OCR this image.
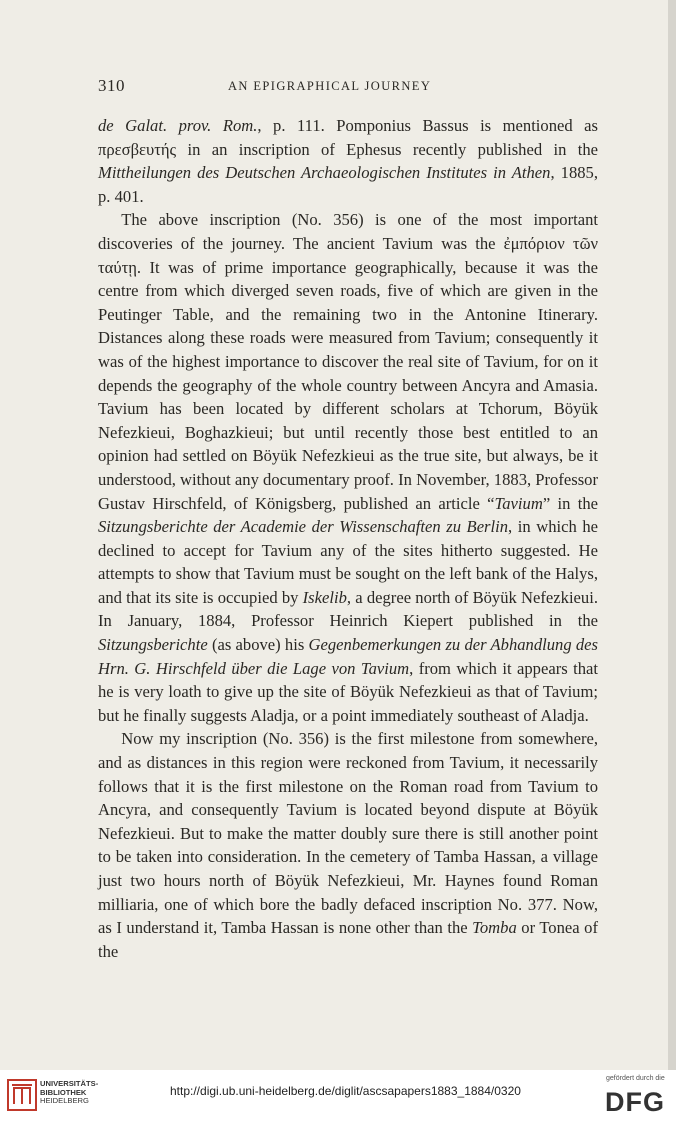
310	AN EPIGRAPHICAL JOURNEY

de Galat. prov. Rom., p. 111. Pomponius Bassus is mentioned as πρεσβευτής in an inscription of Ephesus recently published in the Mittheilungen des Deutschen Archaeologischen Institutes in Athen, 1885, p. 401.

The above inscription (No. 356) is one of the most important discoveries of the journey. The ancient Tavium was the ἐμπόριον τῶν ταύτῃ. It was of prime importance geographically, because it was the centre from which diverged seven roads, five of which are given in the Peutinger Table, and the remaining two in the Antonine Itinerary. Distances along these roads were measured from Tavium; consequently it was of the highest importance to discover the real site of Tavium, for on it depends the geography of the whole country between Ancyra and Amasia. Tavium has been located by different scholars at Tchorum, Böyük Nefezkieui, Boghazkieui; but until recently those best entitled to an opinion had settled on Böyük Nefezkieui as the true site, but always, be it understood, without any documentary proof. In November, 1883, Professor Gustav Hirschfeld, of Königsberg, published an article “Tavium” in the Sitzungsberichte der Academie der Wissenschaften zu Berlin, in which he declined to accept for Tavium any of the sites hitherto suggested. He attempts to show that Tavium must be sought on the left bank of the Halys, and that its site is occupied by Iskelib, a degree north of Böyük Nefezkieui. In January, 1884, Professor Heinrich Kiepert published in the Sitzungsberichte (as above) his Gegenbemerkungen zu der Abhandlung des Hrn. G. Hirschfeld über die Lage von Tavium, from which it appears that he is very loath to give up the site of Böyük Nefezkieui as that of Tavium; but he finally suggests Aladja, or a point immediately southeast of Aladja.

Now my inscription (No. 356) is the first milestone from somewhere, and as distances in this region were reckoned from Tavium, it necessarily follows that it is the first milestone on the Roman road from Tavium to Ancyra, and consequently Tavium is located beyond dispute at Böyük Nefezkieui. But to make the matter doubly sure there is still another point to be taken into consideration. In the cemetery of Tamba Hassan, a village just two hours north of Böyük Nefezkieui, Mr. Haynes found Roman milliaria, one of which bore the badly defaced inscription No. 377. Now, as I understand it, Tamba Hassan is none other than the Tomba or Tonea of the

UNIVERSITÄTS-
BIBLIOTHEK
HEIDELBERG
http://digi.ub.uni-heidelberg.de/diglit/ascsapapers1883_1884/0320
gefördert durch die
DFG
